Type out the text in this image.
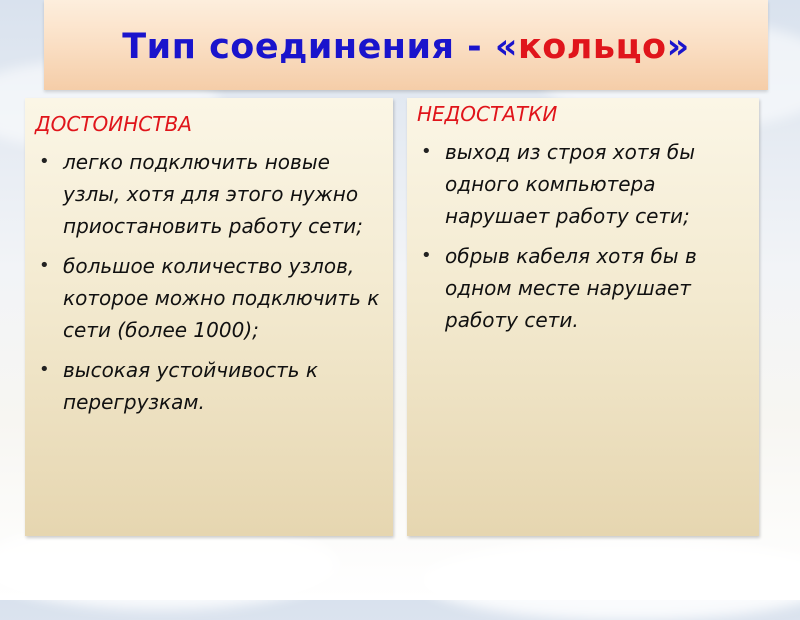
Тип соединения - «кольцо»
ДОСТОИНСТВА
• легко подключить новые узлы, хотя для этого нужно приостановить работу сети;
• большое количество узлов, которое можно подключить к сети (более 1000);
• высокая устойчивость к перегрузкам.
НЕДОСТАТКИ
• выход из строя хотя бы одного компьютера нарушает работу сети;
• обрыв кабеля хотя бы в одном месте нарушает работу сети.
